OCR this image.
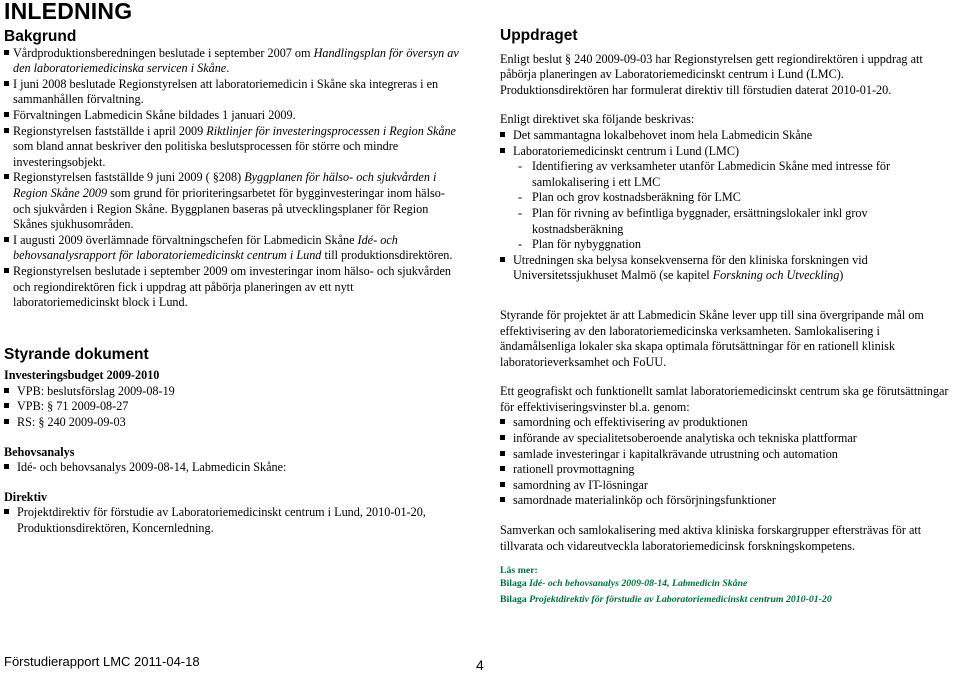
INLEDNING
Bakgrund
Vårdproduktionsberedningen beslutade i september 2007 om Handlingsplan för översyn av den laboratoriemedicinska servicen i Skåne.
I juni 2008 beslutade Regionstyrelsen att laboratoriemedicin i Skåne ska integreras i en sammanhållen förvaltning.
Förvaltningen Labmedicin Skåne bildades 1 januari 2009.
Regionstyrelsen fastställde i april 2009 Riktlinjer för investeringsprocessen i Region Skåne som bland annat beskriver den politiska beslutsprocessen för större och mindre investeringsobjekt.
Regionstyrelsen fastställde 9 juni 2009 ( §208) Byggplanen för hälso- och sjukvården i Region Skåne 2009 som grund för prioriteringsarbetet för bygginvesteringar inom hälso- och sjukvården i Region Skåne. Byggplanen baseras på utvecklingsplaner för Region Skånes sjukhusområden.
I augusti 2009 överlämnade förvaltningschefen för Labmedicin Skåne Idé- och behovsanalysrapport för laboratoriemedicinskt centrum i Lund till produktionsdirektören.
Regionstyrelsen beslutade i september 2009 om investeringar inom hälso- och sjukvården och regiondirektören fick i uppdrag att påbörja planeringen av ett nytt laboratoriemedicinskt block i Lund.
Styrande dokument

Investeringsbudget 2009-2010

VPB: beslutsförslag 2009-08-19
VPB: § 71 2009-08-27
RS: § 240 2009-09-03

Behovsanalys

Idé- och behovsanalys 2009-08-14, Labmedicin Skåne:

Direktiv

Projektdirektiv för förstudie av Laboratoriemedicinskt centrum i Lund, 2010-01-20, Produktionsdirektören, Koncernledning.
Uppdraget

Enligt beslut § 240 2009-09-03 har Regionstyrelsen gett regiondirektören i uppdrag att påbörja planeringen av Laboratoriemedicinskt centrum i Lund (LMC). Produktionsdirektören har formulerat direktiv till förstudien daterat 2010-01-20.

Enligt direktivet ska följande beskrivas:

Det sammantagna lokalbehovet inom hela Labmedicin Skåne
Laboratoriemedicinskt centrum i Lund (LMC)
- Identifiering av verksamheter utanför Labmedicin Skåne med intresse för samlokalisering i ett LMC
- Plan och grov kostnadsberäkning för LMC
- Plan för rivning av befintliga byggnader, ersättningslokaler inkl grov kostnadsberäkning
- Plan för nybyggnation
Utredningen ska belysa konsekvenserna för den kliniska forskningen vid Universitetssjukhuset Malmö (se kapitel Forskning och Utveckling)

Styrande för projektet är att Labmedicin Skåne lever upp till sina övergripande mål om effektivisering av den laboratoriemedicinska verksamheten. Samlokalisering i ändamålsenliga lokaler ska skapa optimala förutsättningar för en rationell klinisk laboratorieverksamhet och FoUU.

Ett geografiskt och funktionellt samlat laboratoriemedicinskt centrum ska ge förutsättningar för effektiviseringsvinster bl.a. genom:

samordning och effektivisering av produktionen
införande av specialitetsoberoende analytiska och tekniska plattformar
samlade investeringar i kapitalkrävande utrustning och automation
rationell provmottagning
samordning av IT-lösningar
samordnade materialinköp och försörjningsfunktioner

Samverkan och samlokalisering med aktiva kliniska forskargrupper eftersträvas för att tillvarata och vidareutveckla laboratoriemedicinsk forskningskompetens.

Läs mer:

Bilaga Idé- och behovsanalys 2009-08-14, Labmedicin Skåne

Bilaga Projektdirektiv för förstudie av Laboratoriemedicinskt centrum 2010-01-20

Förstudierapport LMC 2011-04-18	4
